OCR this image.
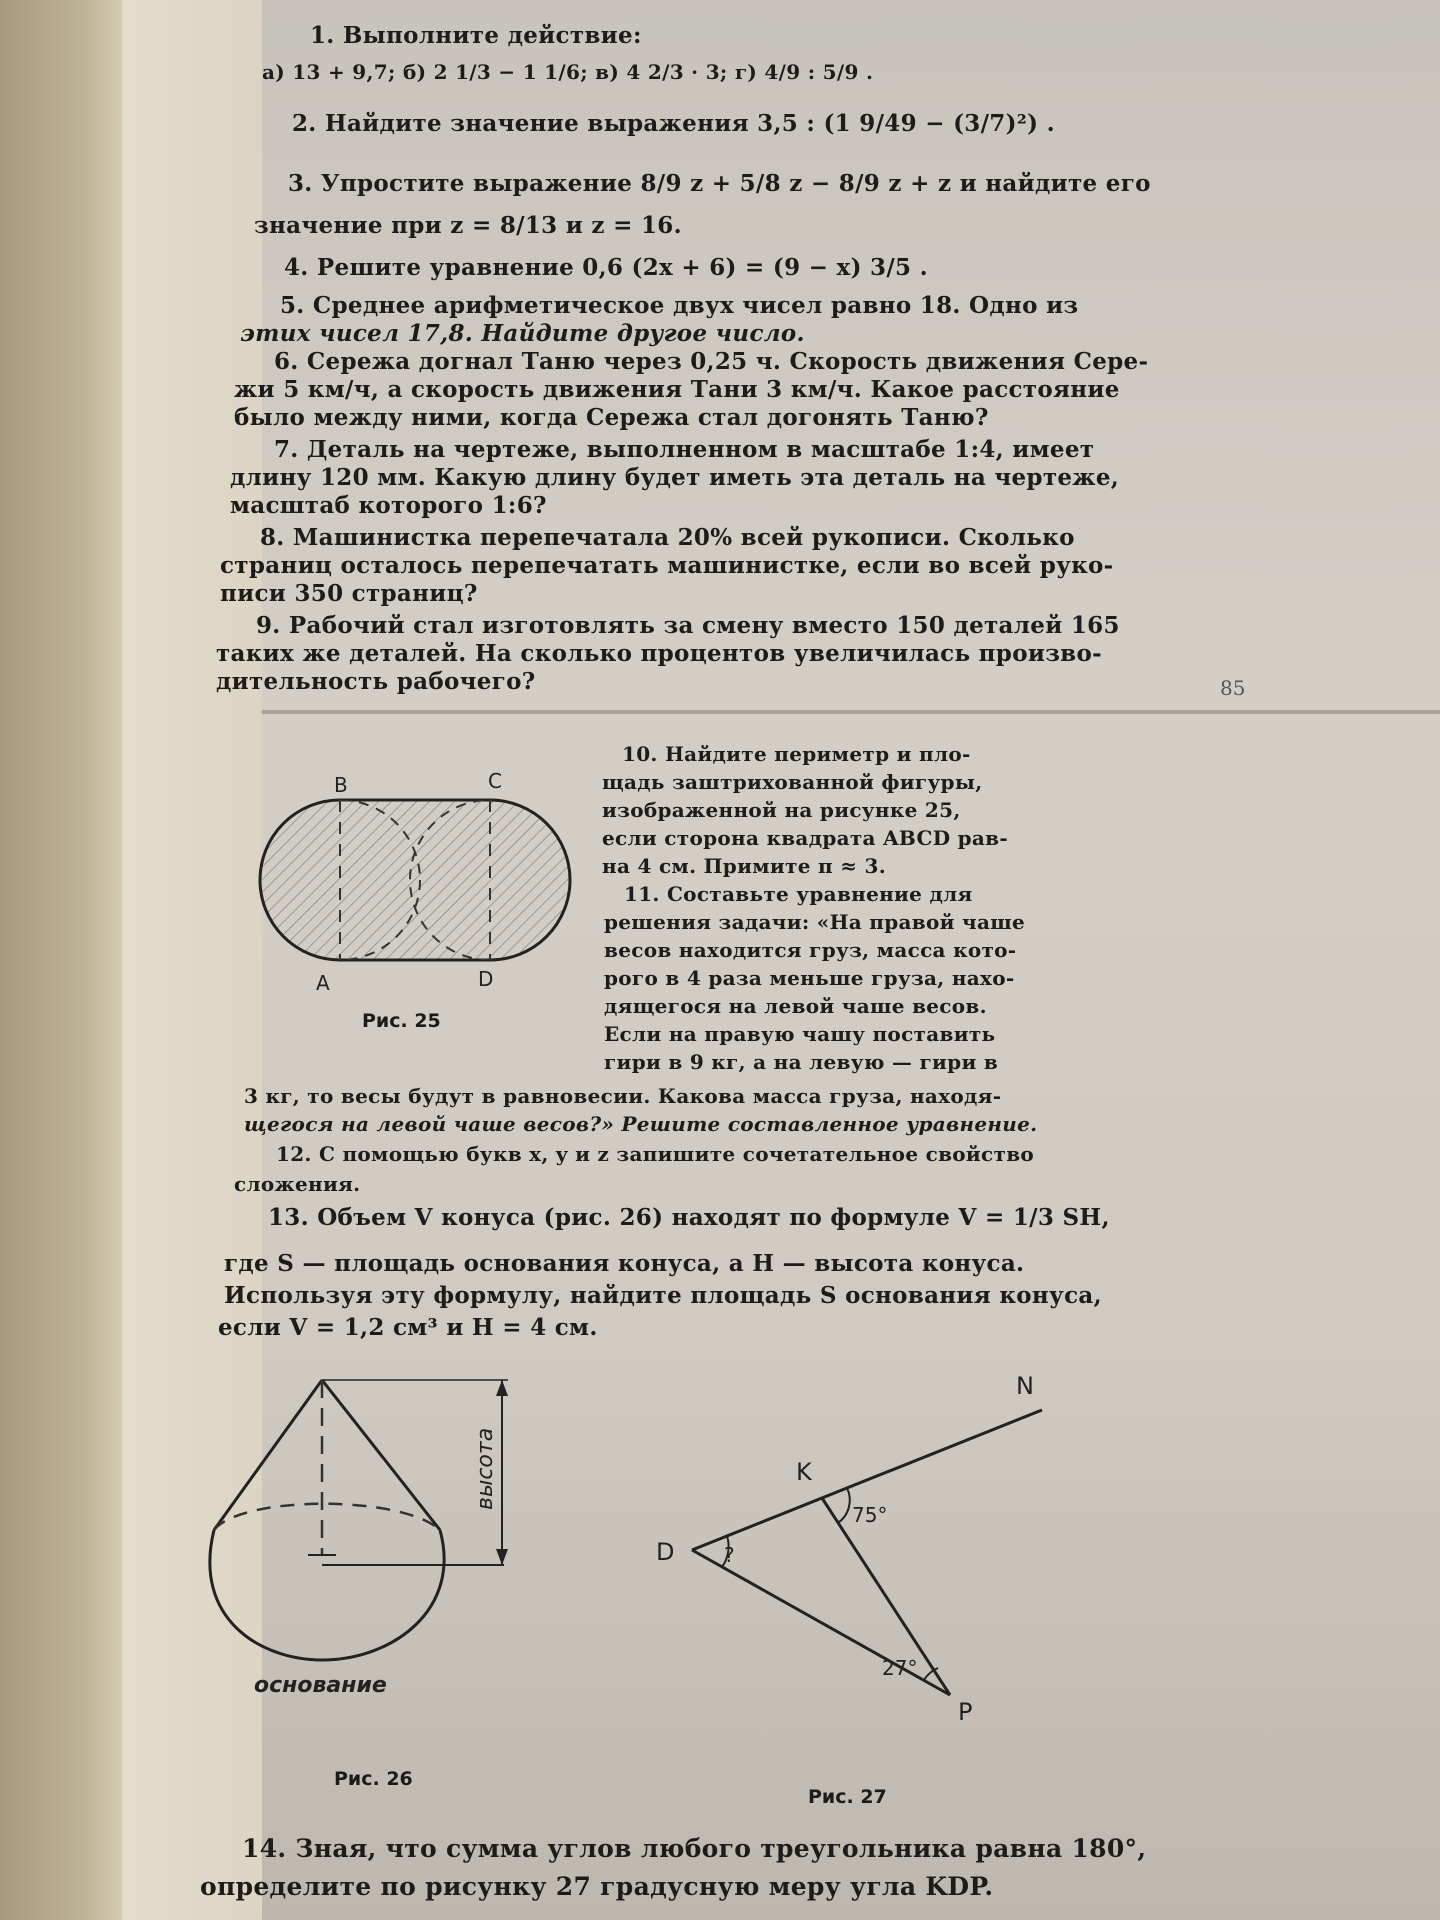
1. Выполните действие:
а) 13 + 9,7; б) 2 1/3 − 1 1/6; в) 4 2/3 · 3; г) 4/9 : 5/9 .
2. Найдите значение выражения 3,5 : (1 9/49 − (3/7)²) .
3. Упростите выражение 8/9 z + 5/8 z − 8/9 z + z и найдите его
значение при z = 8/13 и z = 16.
4. Решите уравнение 0,6 (2x + 6) = (9 − x) 3/5 .
5. Среднее арифметическое двух чисел равно 18. Одно из
этих чисел 17,8. Найдите другое число.
6. Сережа догнал Таню через 0,25 ч. Скорость движения Сере-
жи 5 км/ч, а скорость движения Тани 3 км/ч. Какое расстояние
было между ними, когда Сережа стал догонять Таню?
7. Деталь на чертеже, выполненном в масштабе 1:4, имеет
длину 120 мм. Какую длину будет иметь эта деталь на чертеже,
масштаб которого 1:6?
8. Машинистка перепечатала 20% всей рукописи. Сколько
страниц осталось перепечатать машинистке, если во всей руко-
писи 350 страниц?
9. Рабочий стал изготовлять за смену вместо 150 деталей 165
таких же деталей. На сколько процентов увеличилась произво-
дительность рабочего?	85
B	C
A	D
Рис. 25
10. Найдите периметр и пло-
щадь заштрихованной фигуры,
изображенной на рисунке 25,
если сторона квадрата ABCD рав-
на 4 см. Примите π ≈ 3.
11. Составьте уравнение для
решения задачи: «На правой чаше
весов находится груз, масса кото-
рого в 4 раза меньше груза, нахо-
дящегося на левой чаше весов.
Если на правую чашу поставить
гири в 9 кг, а на левую — гири в
3 кг, то весы будут в равновесии. Какова масса груза, находя-
щегося на левой чаше весов?» Решите составленное уравнение.
12. С помощью букв x, y и z запишите сочетательное свойство
сложения.
13. Объем V конуса (рис. 26) находят по формуле V = 1/3 SH,
где S — площадь основания конуса, а H — высота конуса.
Используя эту формулу, найдите площадь S основания конуса,
если V = 1,2 см³ и H = 4 см.
высота
основание
Рис. 26
N
K
D
P
75°
27°
?
Рис. 27
14. Зная, что сумма углов любого треугольника равна 180°,
определите по рисунку 27 градусную меру угла KDP.
